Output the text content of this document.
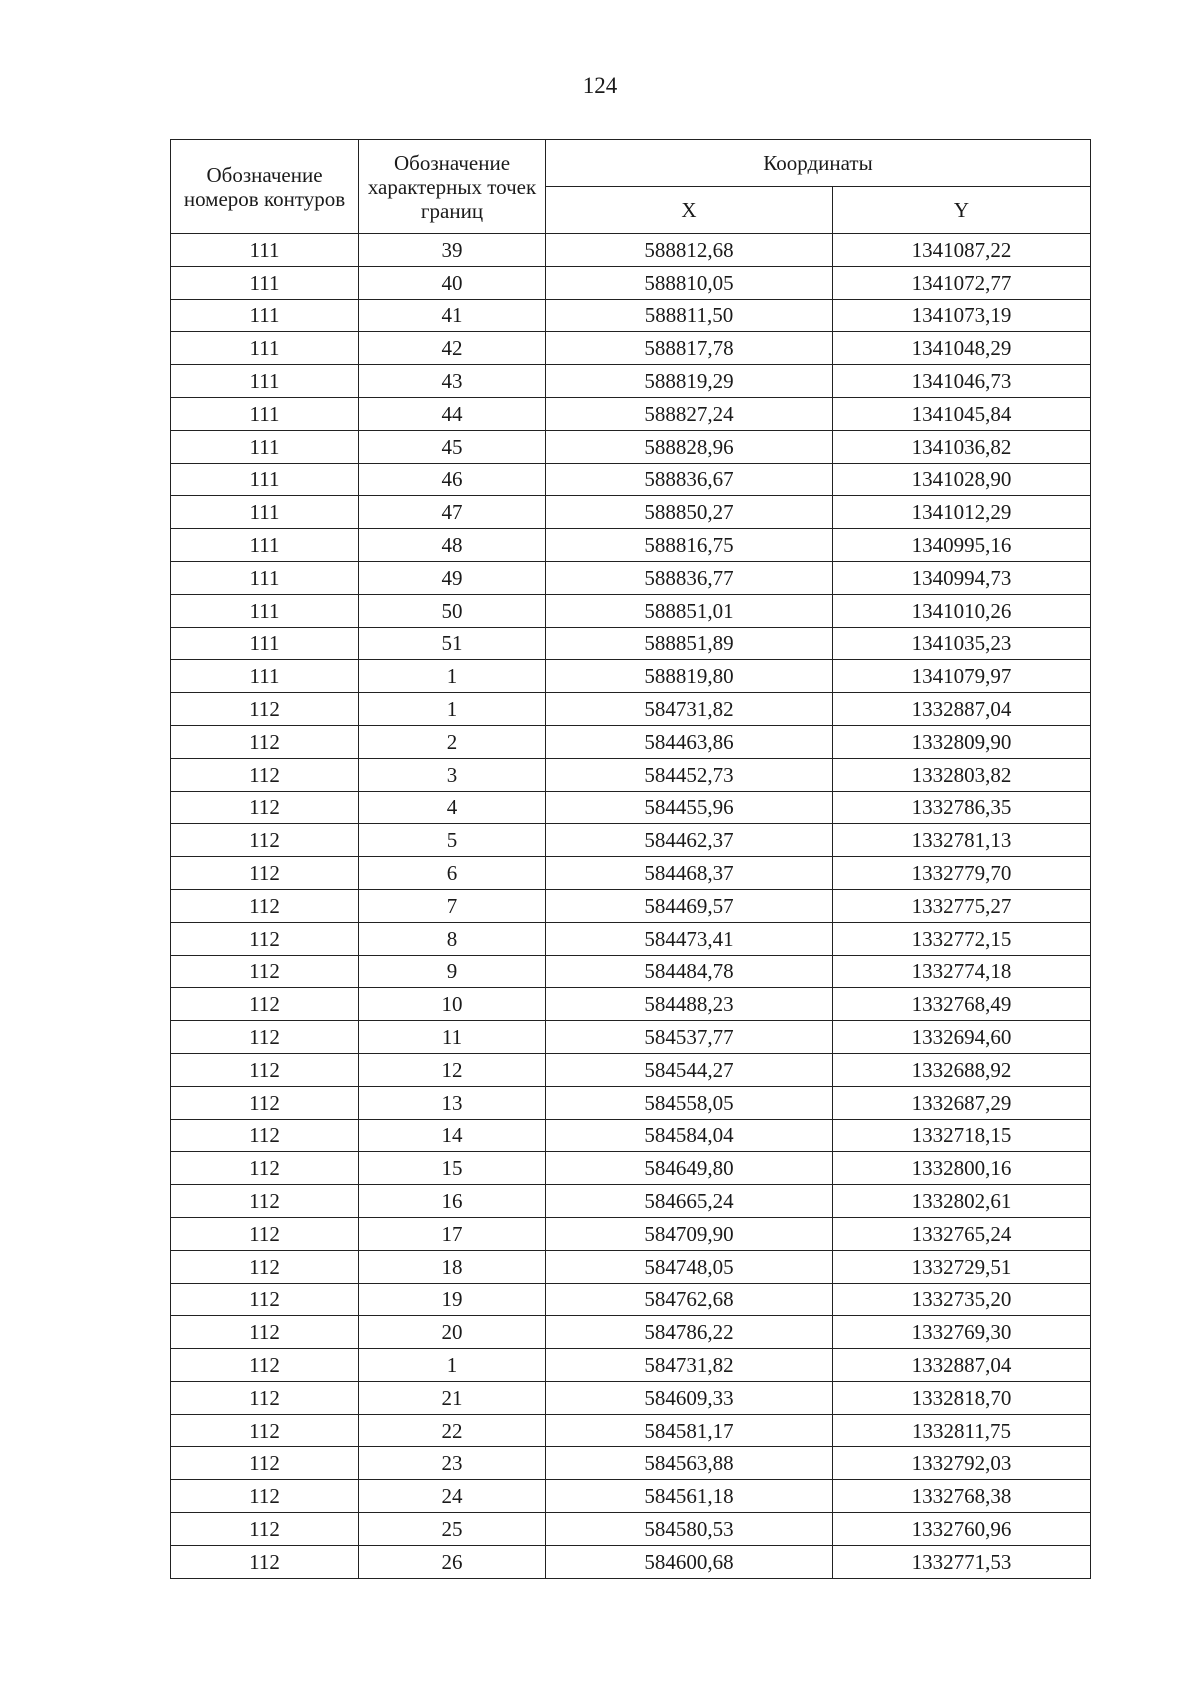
124
Обозначение номеров контуров	Обозначение характерных точек границ	Координаты	
		X	Y
111	39	588812,68	1341087,22
111	40	588810,05	1341072,77
111	41	588811,50	1341073,19
111	42	588817,78	1341048,29
111	43	588819,29	1341046,73
111	44	588827,24	1341045,84
111	45	588828,96	1341036,82
111	46	588836,67	1341028,90
111	47	588850,27	1341012,29
111	48	588816,75	1340995,16
111	49	588836,77	1340994,73
111	50	588851,01	1341010,26
111	51	588851,89	1341035,23
111	1	588819,80	1341079,97
112	1	584731,82	1332887,04
112	2	584463,86	1332809,90
112	3	584452,73	1332803,82
112	4	584455,96	1332786,35
112	5	584462,37	1332781,13
112	6	584468,37	1332779,70
112	7	584469,57	1332775,27
112	8	584473,41	1332772,15
112	9	584484,78	1332774,18
112	10	584488,23	1332768,49
112	11	584537,77	1332694,60
112	12	584544,27	1332688,92
112	13	584558,05	1332687,29
112	14	584584,04	1332718,15
112	15	584649,80	1332800,16
112	16	584665,24	1332802,61
112	17	584709,90	1332765,24
112	18	584748,05	1332729,51
112	19	584762,68	1332735,20
112	20	584786,22	1332769,30
112	1	584731,82	1332887,04
112	21	584609,33	1332818,70
112	22	584581,17	1332811,75
112	23	584563,88	1332792,03
112	24	584561,18	1332768,38
112	25	584580,53	1332760,96
112	26	584600,68	1332771,53
